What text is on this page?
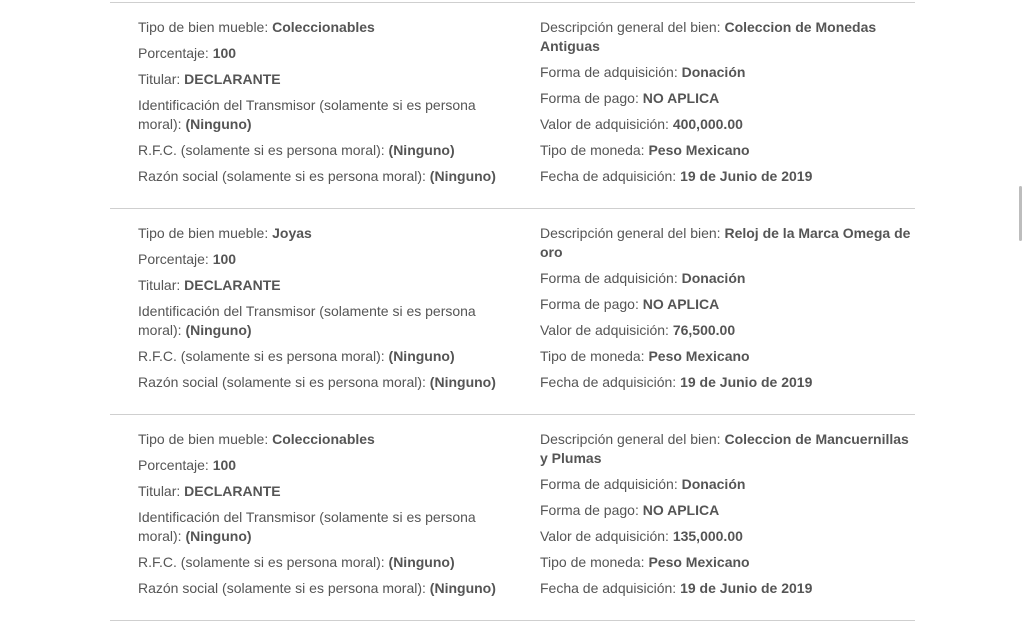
Tipo de bien mueble: Coleccionables
Porcentaje: 100
Titular: DECLARANTE
Identificación del Transmisor (solamente si es persona moral): (Ninguno)
R.F.C. (solamente si es persona moral): (Ninguno)
Razón social (solamente si es persona moral): (Ninguno)
Descripción general del bien: Coleccion de Monedas Antiguas
Forma de adquisición: Donación
Forma de pago: NO APLICA
Valor de adquisición: 400,000.00
Tipo de moneda: Peso Mexicano
Fecha de adquisición: 19 de Junio de 2019
Tipo de bien mueble: Joyas
Porcentaje: 100
Titular: DECLARANTE
Identificación del Transmisor (solamente si es persona moral): (Ninguno)
R.F.C. (solamente si es persona moral): (Ninguno)
Razón social (solamente si es persona moral): (Ninguno)
Descripción general del bien: Reloj de la Marca Omega de oro
Forma de adquisición: Donación
Forma de pago: NO APLICA
Valor de adquisición: 76,500.00
Tipo de moneda: Peso Mexicano
Fecha de adquisición: 19 de Junio de 2019
Tipo de bien mueble: Coleccionables
Porcentaje: 100
Titular: DECLARANTE
Identificación del Transmisor (solamente si es persona moral): (Ninguno)
R.F.C. (solamente si es persona moral): (Ninguno)
Razón social (solamente si es persona moral): (Ninguno)
Descripción general del bien: Coleccion de Mancuernillas y Plumas
Forma de adquisición: Donación
Forma de pago: NO APLICA
Valor de adquisición: 135,000.00
Tipo de moneda: Peso Mexicano
Fecha de adquisición: 19 de Junio de 2019
